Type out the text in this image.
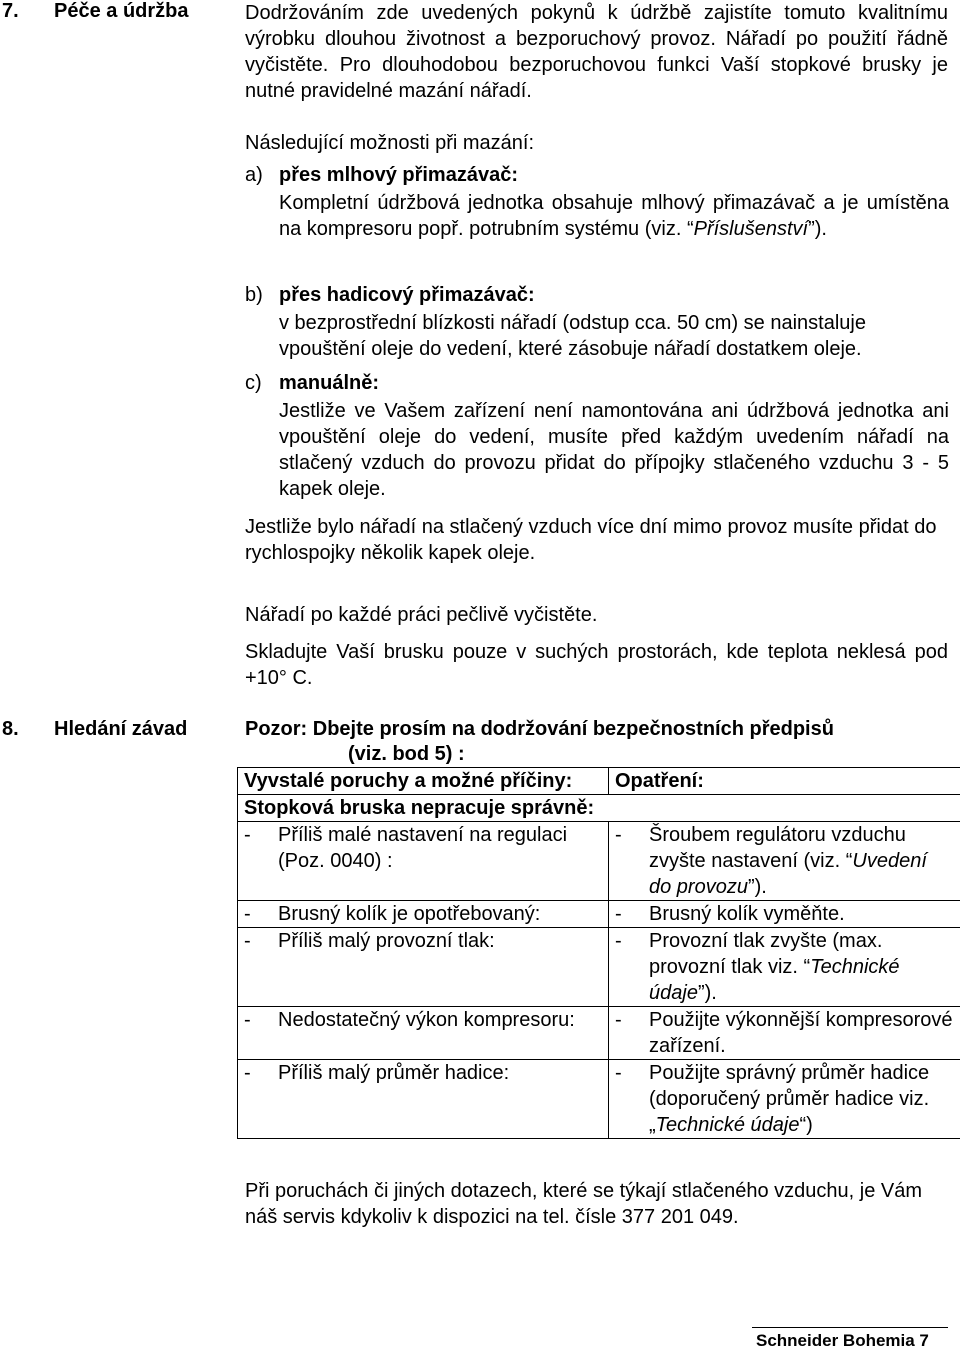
7. Péče a údržba	Dodržováním zde uvedených pokynů k údržbě zajistíte tomuto kvalitnímu výrobku dlouhou životnost a bezporuchový provoz. Nářadí po použití řádně vyčistěte. Pro dlouhodobou bezporuchovou funkci Vaší stopkové brusky je nutné pravidelné mazání nářadí.
Následující možnosti při mazání:
a) přes mlhový přimazávač:
Kompletní údržbová jednotka obsahuje mlhový přimazávač a je umístěna na kompresoru popř. potrubním systému (viz. “Příslušenství”).
b) přes hadicový přimazávač:
v bezprostřední blízkosti nářadí (odstup cca. 50 cm) se nainstaluje vpouštění oleje do vedení, které zásobuje nářadí dostatkem oleje.
c) manuálně:
Jestliže ve Vašem zařízení není namontována ani údržbová jednotka ani vpouštění oleje do vedení, musíte před každým uvedením nářadí na stlačený vzduch do provozu přidat do přípojky stlačeného vzduchu 3 - 5 kapek oleje.
Jestliže bylo nářadí na stlačený vzduch více dní mimo provoz musíte přidat do rychlospojky několik kapek oleje.
Nářadí po každé práci pečlivě vyčistěte.
Skladujte Vaší brusku pouze v suchých prostorách, kde teplota neklesá pod +10° C.
8. Hledání závad	Pozor: Dbejte prosím na dodržování bezpečnostních předpisů
(viz. bod 5) :
Vyvstalé poruchy a možné příčiny:	Opatření:
Stopková bruska nepracuje správně:	

- Příliš malé nastavení na regulaci (Poz. 0040) :	- Šroubem regulátoru vzduchu zvyšte nastavení (viz. “Uvedení do provozu”).

- Brusný kolík je opotřebovaný:	- Brusný kolík vyměňte.

- Příliš malý provozní tlak:	- Provozní tlak zvyšte (max. provozní tlak viz. “Technické údaje”).

- Nedostatečný výkon kompresoru:	- Použijte výkonnější kompresorové zařízení.

- Příliš malý průměr hadice:	- Použijte správný průměr hadice (doporučený průměr hadice viz. „Technické údaje“)
Při poruchách či jiných dotazech, které se týkají stlačeného vzduchu, je Vám náš servis kdykoliv k dispozici na tel. čísle 377 201 049.
Schneider Bohemia 7
